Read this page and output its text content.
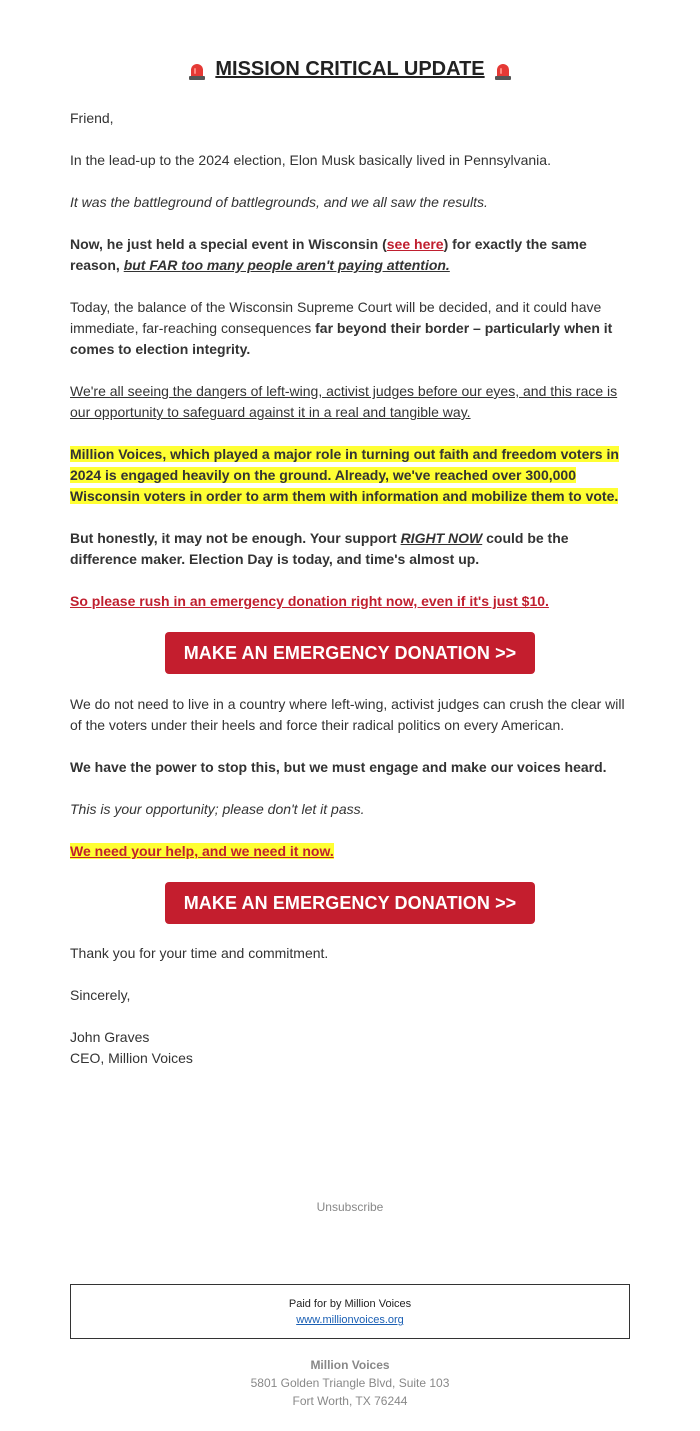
MISSION CRITICAL UPDATE

Friend,

In the lead-up to the 2024 election, Elon Musk basically lived in Pennsylvania.

It was the battleground of battlegrounds, and we all saw the results.

Now, he just held a special event in Wisconsin (see here) for exactly the same reason, but FAR too many people aren't paying attention.

Today, the balance of the Wisconsin Supreme Court will be decided, and it could have immediate, far-reaching consequences far beyond their border – particularly when it comes to election integrity.

We're all seeing the dangers of left-wing, activist judges before our eyes, and this race is our opportunity to safeguard against it in a real and tangible way.

Million Voices, which played a major role in turning out faith and freedom voters in 2024 is engaged heavily on the ground. Already, we've reached over 300,000 Wisconsin voters in order to arm them with information and mobilize them to vote.

But honestly, it may not be enough. Your support RIGHT NOW could be the difference maker. Election Day is today, and time's almost up.

So please rush in an emergency donation right now, even if it's just $10.

MAKE AN EMERGENCY DONATION >>

We do not need to live in a country where left-wing, activist judges can crush the clear will of the voters under their heels and force their radical politics on every American.

We have the power to stop this, but we must engage and make our voices heard.

This is your opportunity; please don't let it pass.

We need your help, and we need it now.

MAKE AN EMERGENCY DONATION >>

Thank you for your time and commitment.

Sincerely,

John Graves

CEO, Million Voices

Unsubscribe
Paid for by Million Voices
www.millionvoices.org
Million Voices
5801 Golden Triangle Blvd, Suite 103
Fort Worth, TX 76244
